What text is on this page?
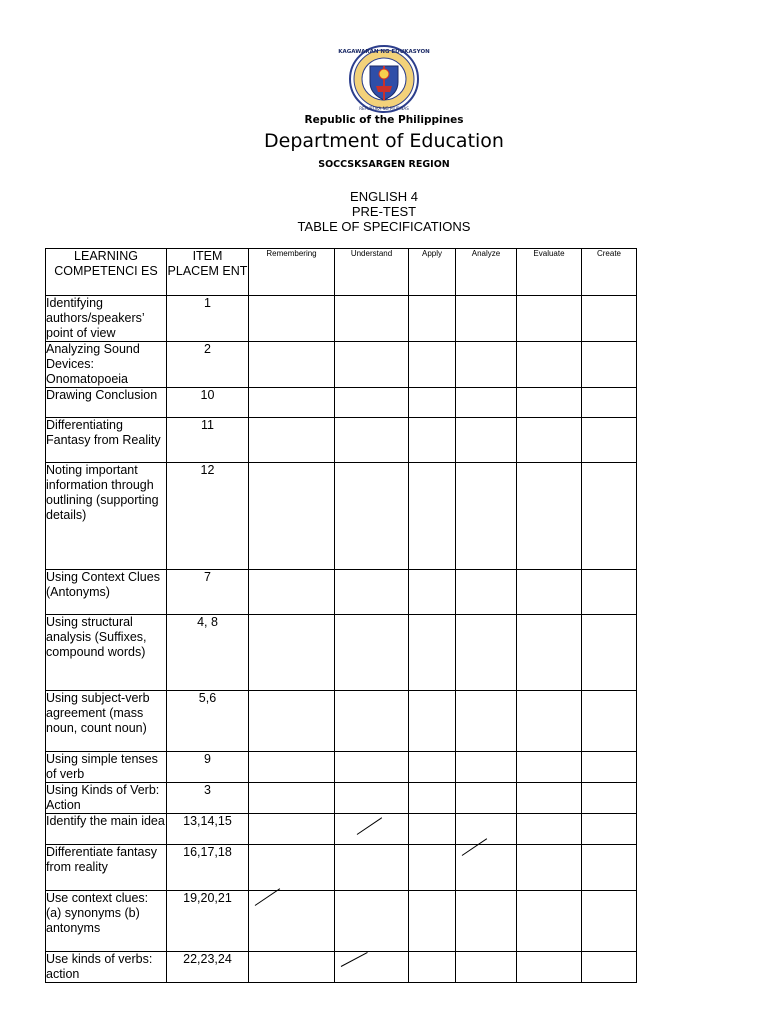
KAGAWARAN NG EDUKASYON
REPUBLIKA NG PILIPINAS
Republic of the Philippines
Department of Education
SOCCSKSARGEN REGION
ENGLISH 4
PRE-TEST
TABLE OF SPECIFICATIONS
LEARNING COMPETENCI ES	ITEM PLACEM ENT	Remembering	Understand	Apply	Analyze	Evaluate	Create
Identifying authors/speakers’ point of view	1						
Analyzing Sound Devices: Onomatopoeia	2						
Drawing Conclusion	10						
Differentiating Fantasy from Reality	11						
Noting important information through outlining (supporting details)	12						
Using Context Clues (Antonyms)	7						
Using structural analysis (Suffixes, compound words)	4, 8						
Using subject-verb agreement (mass noun, count noun)	5,6						
Using simple tenses of verb	9						
Using Kinds of Verb: Action	3						
Identify the main idea	13,14,15		

Differentiate fantasy from reality	16,17,18				

Use context clues: (a) synonyms (b) antonyms	19,20,21	

Use kinds of verbs: action	22,23,24		
